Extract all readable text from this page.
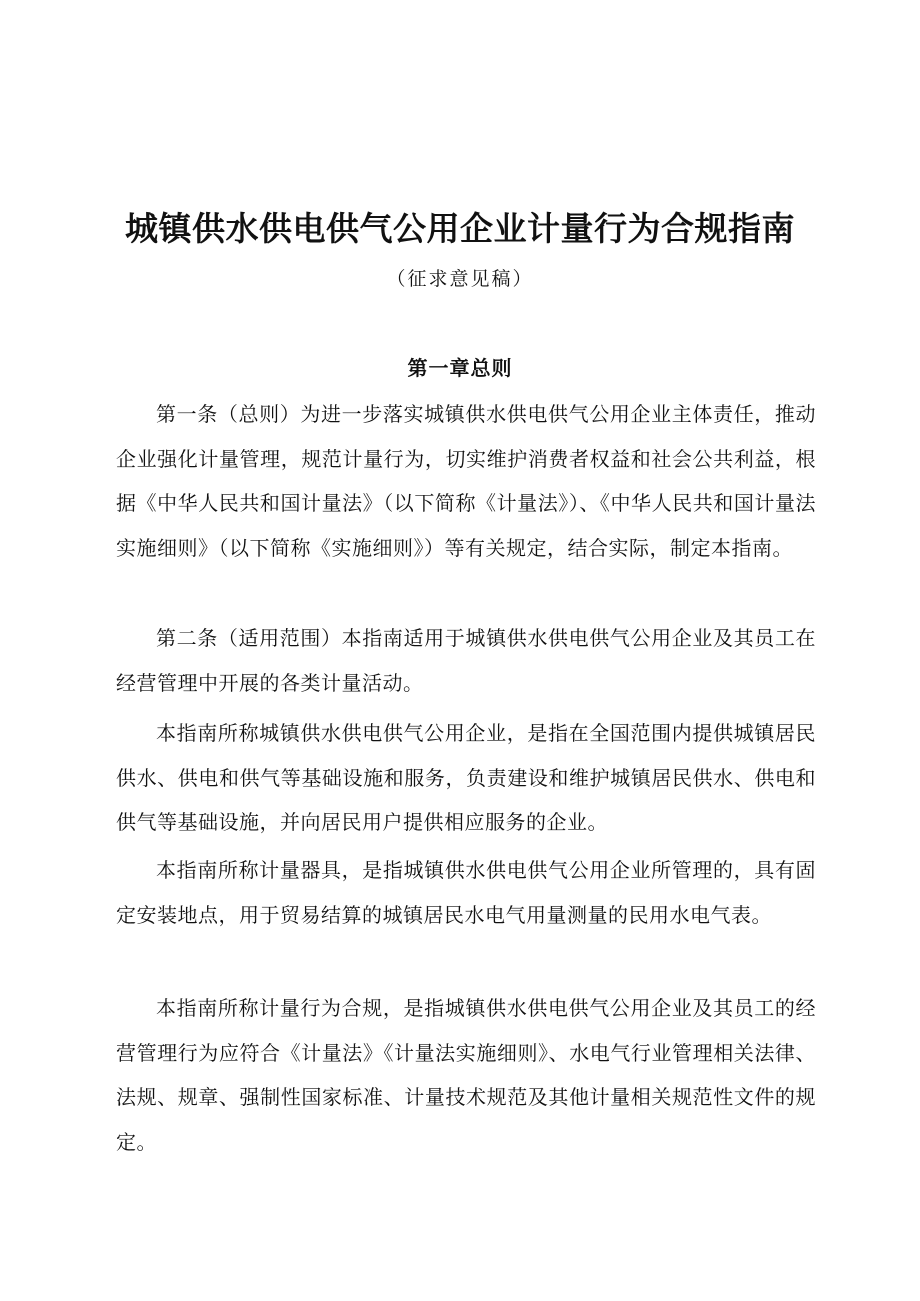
城镇供水供电供气公用企业计量行为合规指南
（征求意见稿）
第一章总则

第一条（总则）为进一步落实城镇供水供电供气公用企业主体责任，推动企业强化计量管理，规范计量行为，切实维护消费者权益和社会公共利益，根据《中华人民共和国计量法》（以下简称《计量法》）、《中华人民共和国计量法实施细则》（以下简称《实施细则》）等有关规定，结合实际，制定本指南。

第二条（适用范围）本指南适用于城镇供水供电供气公用企业及其员工在经营管理中开展的各类计量活动。

本指南所称城镇供水供电供气公用企业，是指在全国范围内提供城镇居民供水、供电和供气等基础设施和服务，负责建设和维护城镇居民供水、供电和供气等基础设施，并向居民用户提供相应服务的企业。

本指南所称计量器具，是指城镇供水供电供气公用企业所管理的，具有固定安装地点，用于贸易结算的城镇居民水电气用量测量的民用水电气表。

本指南所称计量行为合规，是指城镇供水供电供气公用企业及其员工的经营管理行为应符合《计量法》《计量法实施细则》、水电气行业管理相关法律、法规、规章、强制性国家标准、计量技术规范及其他计量相关规范性文件的规定。
